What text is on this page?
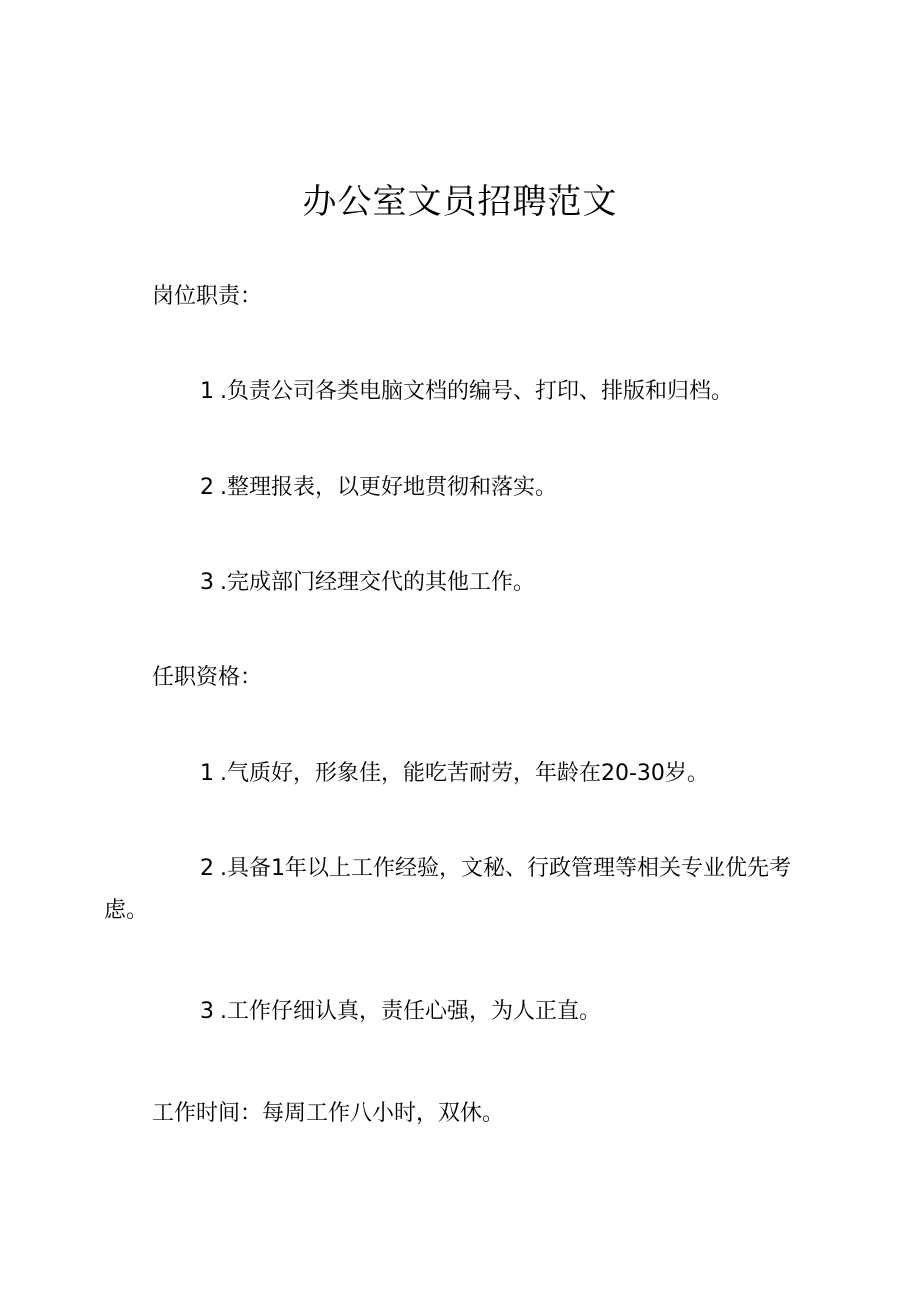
办公室文员招聘范文

岗位职责：

1 .负责公司各类电脑文档的编号、打印、排版和归档。

2 .整理报表，以更好地贯彻和落实。

3 .完成部门经理交代的其他工作。

任职资格：

1 .气质好，形象佳，能吃苦耐劳，年龄在20-30岁。

2 .具备1年以上工作经验，文秘、行政管理等相关专业优先考虑。

3 .工作仔细认真，责任心强，为人正直。

工作时间：每周工作八小时，双休。
